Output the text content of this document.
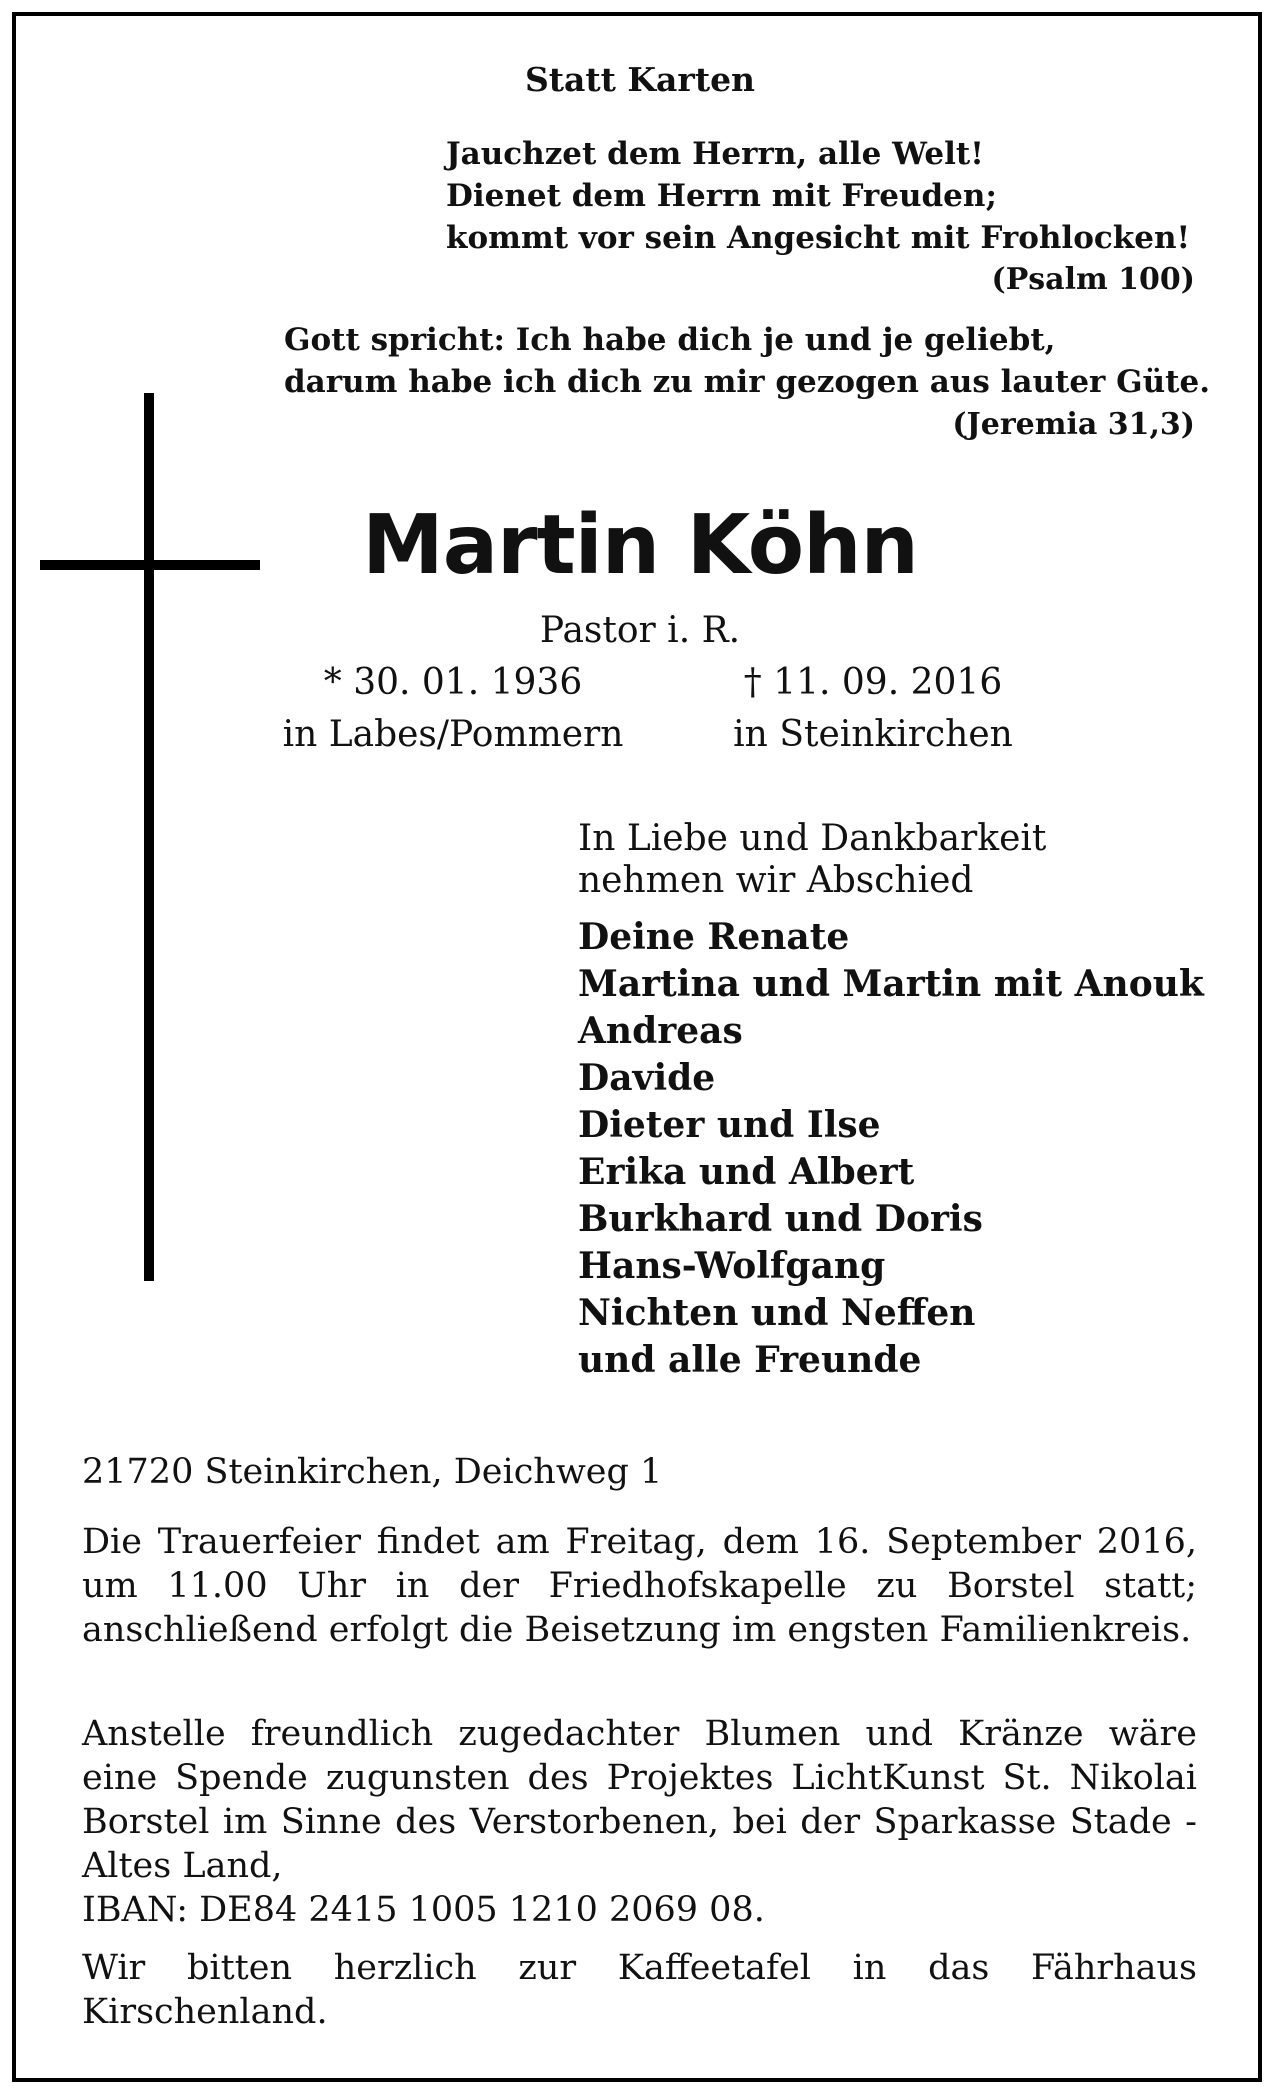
Statt Karten
Jauchzet dem Herrn, alle Welt!
Dienet dem Herrn mit Freuden;
kommt vor sein Angesicht mit Frohlocken!
(Psalm 100)
Gott spricht: Ich habe dich je und je geliebt,
darum habe ich dich zu mir gezogen aus lauter Güte.
(Jeremia 31,3)
Martin Köhn
Pastor i. R.
* 30. 01. 1936
in Labes/Pommern
† 11. 09. 2016
in Steinkirchen
In Liebe und Dankbarkeit
nehmen wir Abschied
Deine Renate
Martina und Martin mit Anouk
Andreas
Davide
Dieter und Ilse
Erika und Albert
Burkhard und Doris
Hans-Wolfgang
Nichten und Neffen
und alle Freunde
21720 Steinkirchen, Deichweg 1
Die Trauerfeier findet am Freitag, dem 16. September 2016, um 11.00 Uhr in der Friedhofskapelle zu Borstel statt; anschließend erfolgt die Beisetzung im engsten Familienkreis.
Anstelle freundlich zugedachter Blumen und Kränze wäre eine Spende zugunsten des Projektes LichtKunst St. Nikolai Borstel im Sinne des Verstorbenen, bei der Sparkasse Stade - Altes Land,
IBAN: DE84 2415 1005 1210 2069 08.
Wir bitten herzlich zur Kaffeetafel in das Fährhaus Kirschenland.
